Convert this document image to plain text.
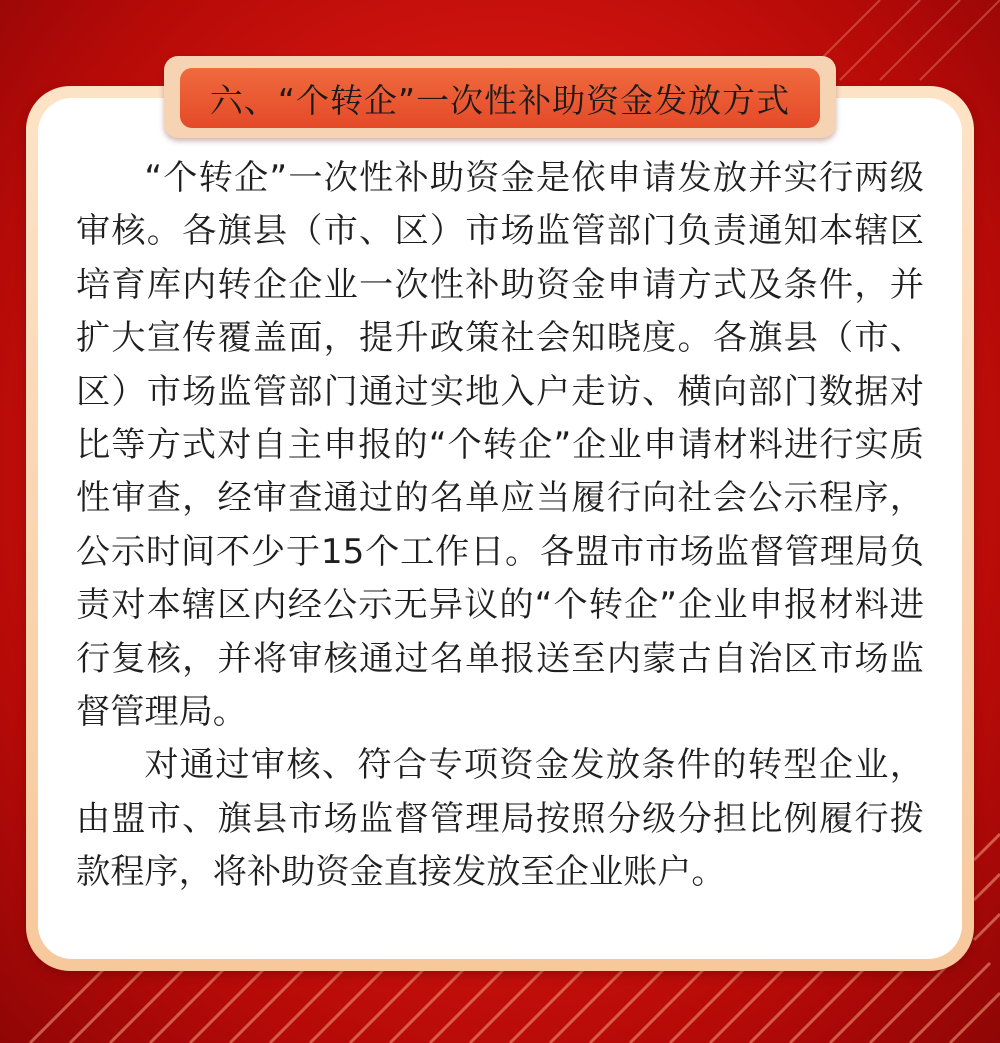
六、“个转企”一次性补助资金发放方式

“个转企”一次性补助资金是依申请发放并实行两级审核。各旗县（市、区）市场监管部门负责通知本辖区培育库内转企企业一次性补助资金申请方式及条件，并扩大宣传覆盖面，提升政策社会知晓度。各旗县（市、区）市场监管部门通过实地入户走访、横向部门数据对比等方式对自主申报的“个转企”企业申请材料进行实质性审查，经审查通过的名单应当履行向社会公示程序，公示时间不少于15个工作日。各盟市市场监督管理局负责对本辖区内经公示无异议的“个转企”企业申报材料进行复核，并将审核通过名单报送至内蒙古自治区市场监督管理局。

对通过审核、符合专项资金发放条件的转型企业，由盟市、旗县市场监督管理局按照分级分担比例履行拨款程序，将补助资金直接发放至企业账户。
